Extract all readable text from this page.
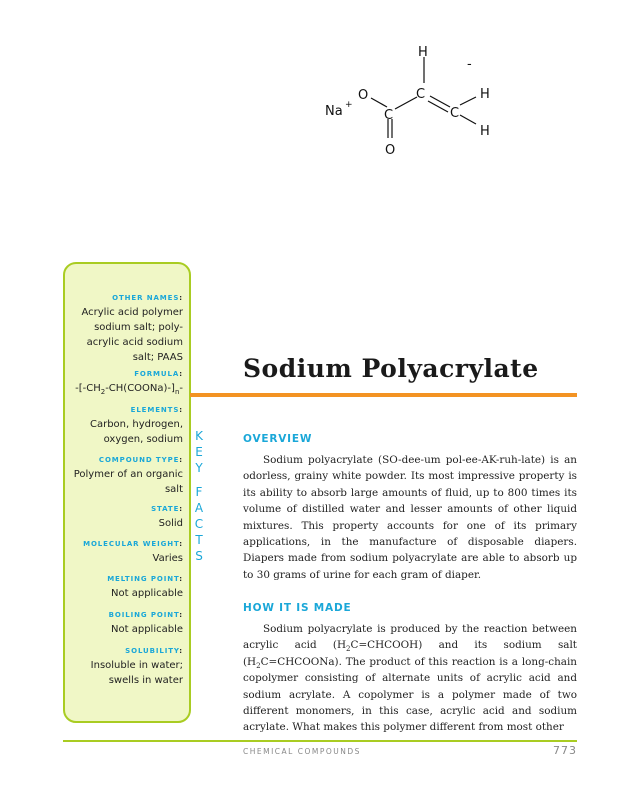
H
-
C	H
Na +
O
C	C
H
O
OTHER NAMES :
Acrylic acid polymer sodium salt; poly-acrylic acid sodium salt; PAAS
FORMULA :
$-[-CH_2-CH(COONa)-]_n-$
ELEMENTS :
Carbon, hydrogen, oxygen, sodium
COMPOUND TYPE :
Polymer of an organic salt
STATE :
Solid
MOLECULAR WEIGHT :
Varies
MELTING POINT :
Not applicable
BOILING POINT :
Not applicable
SOLUBILITY :
Insoluble in water; swells in water
K
E
Y

F
A
C
T
S
Sodium Polyacrylate
OVERVIEW

Sodium polyacrylate (SO-dee-um pol-ee-AK-ruh-late) is an odorless, grainy white powder. Its most impressive property is its ability to absorb large amounts of fluid, up to 800 times its volume of distilled water and lesser amounts of other liquid mixtures. This property accounts for one of its primary applications, in the manufacture of disposable diapers. Diapers made from sodium polyacrylate are able to absorb up to 30 grams of urine for each gram of diaper.

HOW IT IS MADE

Sodium polyacrylate is produced by the reaction between acrylic acid $(H_2C=CHCOOH)$ and its sodium salt $(H_2C=CHCOONa)$. The product of this reaction is a long-chain copolymer consisting of alternate units of acrylic acid and sodium acrylate. A copolymer is a polymer made of two different monomers, in this case, acrylic acid and sodium acrylate. What makes this polymer different from most other

CHEMICAL COMPOUNDS	773
